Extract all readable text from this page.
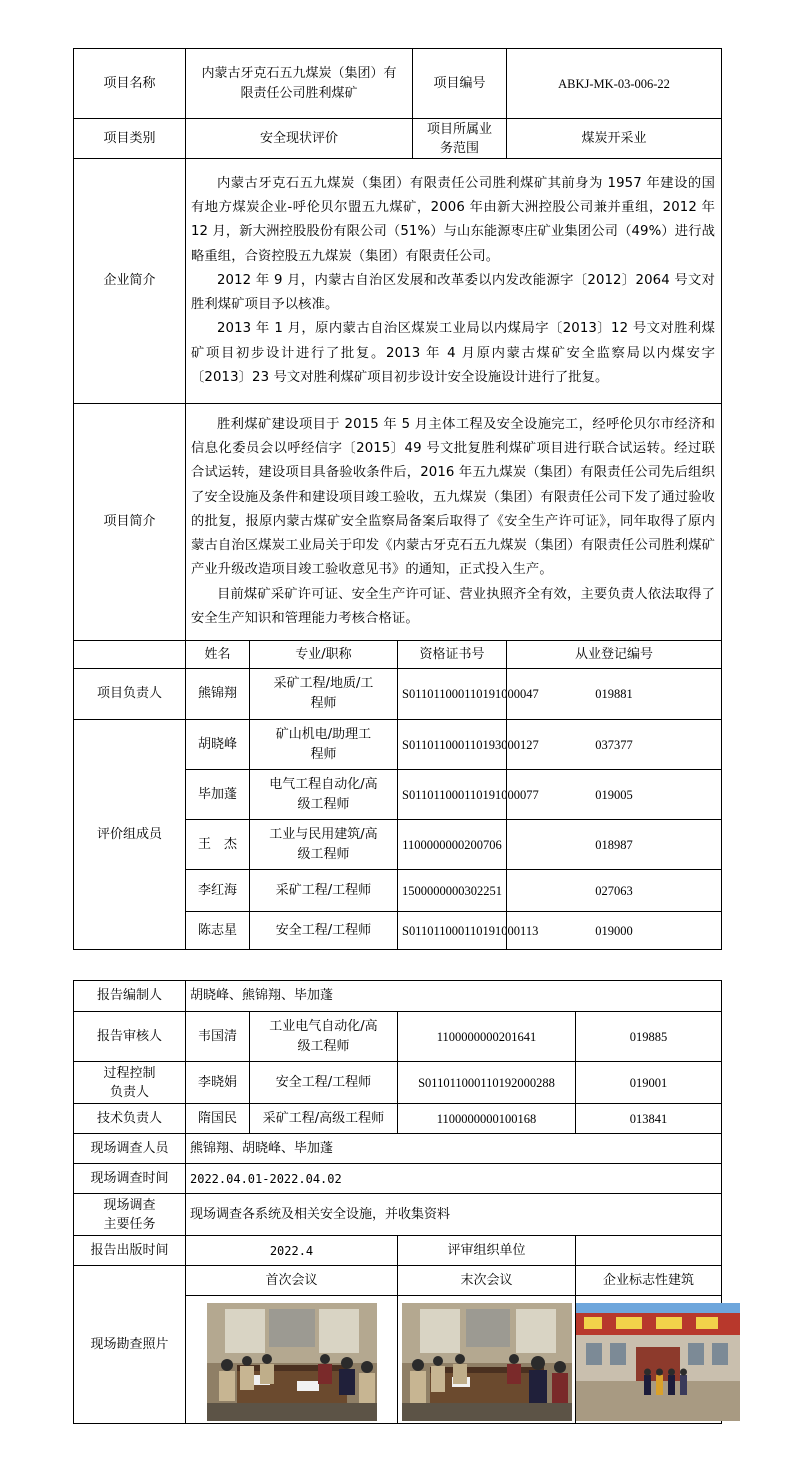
项目名称	内蒙古牙克石五九煤炭（集团）有限责任公司胜利煤矿			项目编号	ABKJ-MK-03-006-22
项目类别	安全现状评价			项目所属业务范围	煤炭开采业
企业简介	内蒙古牙克石五九煤炭（集团）有限责任公司胜利煤矿其前身为 1957 年建设的国有地方煤炭企业-呼伦贝尔盟五九煤矿，2006 年由新大洲控股公司兼并重组，2012 年 12 月，新大洲控股股份有限公司（51%）与山东能源枣庄矿业集团公司（49%）进行战略重组，合资控股五九煤炭（集团）有限责任公司。

2012 年 9 月，内蒙古自治区发展和改革委以内发改能源字〔2012〕2064 号文对胜利煤矿项目予以核准。

2013 年 1 月，原内蒙古自治区煤炭工业局以内煤局字〔2013〕12 号文对胜利煤矿项目初步设计进行了批复。2013 年 4 月原内蒙古煤矿安全监察局以内煤安字〔2013〕23 号文对胜利煤矿项目初步设计安全设施设计进行了批复。				

项目简介	胜利煤矿建设项目于 2015 年 5 月主体工程及安全设施完工，经呼伦贝尔市经济和信息化委员会以呼经信字〔2015〕49 号文批复胜利煤矿项目进行联合试运转。经过联合试运转，建设项目具备验收条件后，2016 年五九煤炭（集团）有限责任公司先后组织了安全设施及条件和建设项目竣工验收，五九煤炭（集团）有限责任公司下发了通过验收的批复，报原内蒙古煤矿安全监察局备案后取得了《安全生产许可证》，同年取得了原内蒙古自治区煤炭工业局关于印发《内蒙古牙克石五九煤炭（集团）有限责任公司胜利煤矿产业升级改造项目竣工验收意见书》的通知，正式投入生产。

目前煤矿采矿许可证、安全生产许可证、营业执照齐全有效，主要负责人依法取得了安全生产知识和管理能力考核合格证。				

	姓名	专业/职称	资格证书号		从业登记编号
项目负责人	熊锦翔	采矿工程/地质/工程师	S011011000110191000047		019881
评价组成员	胡晓峰	矿山机电/助理工程师	S011011000110193000127		037377
	毕加蓬	电气工程自动化/高级工程师	S011011000110191000077		019005
	王　杰	工业与民用建筑/高级工程师	1100000000200706		018987
	李红海	采矿工程/工程师	1500000000302251		027063
	陈志星	安全工程/工程师	S011011000110191000113		019000
报告编制人	胡晓峰、熊锦翔、毕加蓬			
报告审核人	韦国清	工业电气自动化/高级工程师	1100000000201641	019885
过程控制负责人	李晓娟	安全工程/工程师	S011011000110192000288	019001
技术负责人	隋国民	采矿工程/高级工程师	1100000000100168	013841
现场调查人员	熊锦翔、胡晓峰、毕加蓬			
现场调查时间	2022.04.01-2022.04.02			
现场调查主要任务	现场调查各系统及相关安全设施，并收集资料			
报告出版时间	2022.4		评审组织单位	
现场勘查照片	首次会议		末次会议	企业标志性建筑
